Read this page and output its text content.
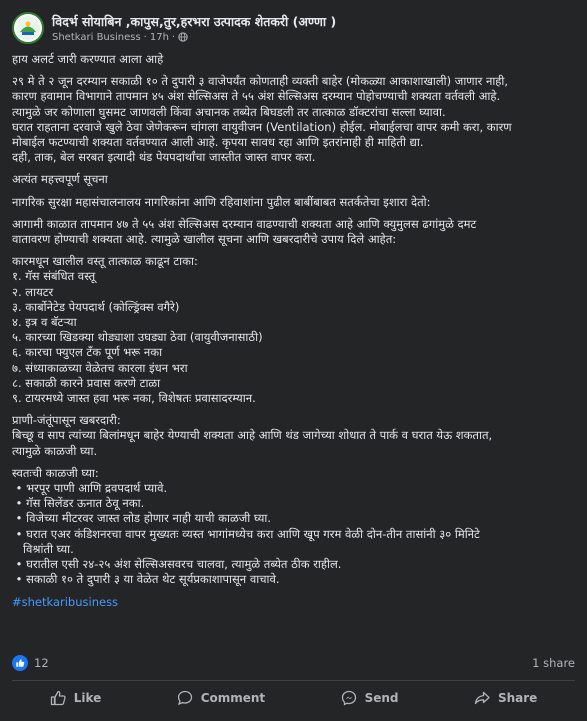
विदर्भ सोयाबिन ,कापुस,तुर,हरभरा उत्पादक शेतकरी (अण्णा )
Shetkari Business · 17h ·

हाय अलर्ट जारी करण्यात आला आहे

२९ मे ते २ जून दरम्यान सकाळी १० ते दुपारी ३ वाजेपर्यंत कोणताही व्यक्ती बाहेर (मोकळ्या आकाशाखाली) जाणार नाही,

कारण हवामान विभागाने तापमान ४५ अंश सेल्सिअस ते ५५ अंश सेल्सिअस दरम्यान पोहोचण्याची शक्यता वर्तवली आहे.

त्यामुळे जर कोणाला घुसमट जाणवली किंवा अचानक तब्येत बिघडली तर तात्काळ डॉक्टरांचा सल्ला घ्यावा.

घरात राहताना दरवाजे खुले ठेवा जेणेकरून चांगला वायुवीजन (Ventilation) होईल. मोबाईलचा वापर कमी करा, कारण

मोबाईल फटण्याची शक्यता वर्तवण्यात आली आहे. कृपया सावध रहा आणि इतरांनाही ही माहिती द्या.

दही, ताक, बेल सरबत इत्यादी थंड पेयपदार्थांचा जास्तीत जास्त वापर करा.

अत्यंत महत्त्वपूर्ण सूचना

नागरिक सुरक्षा महासंचालनालय नागरिकांना आणि रहिवाशांना पुढील बाबींबाबत सतर्कतेचा इशारा देतो:

आगामी काळात तापमान ४७ ते ५५ अंश सेल्सिअस दरम्यान वाढण्याची शक्यता आहे आणि क्युमुलस ढगांमुळे दमट

वातावरण होण्याची शक्यता आहे. त्यामुळे खालील सूचना आणि खबरदारीचे उपाय दिले आहेत:

कारमधून खालील वस्तू तात्काळ काढून टाका:

१. गॅस संबंधित वस्तू

२. लायटर

३. कार्बोनेटेड पेयपदार्थ (कोल्ड्रिंक्स वगैरे)

४. इत्र व बॅटऱ्या

५. कारच्या खिडक्या थोड्याशा उघड्या ठेवा (वायुवीजनासाठी)

६. कारचा फ्युएल टँक पूर्ण भरू नका

७. संध्याकाळच्या वेळेतच कारला इंधन भरा

८. सकाळी कारने प्रवास करणे टाळा

९. टायरमध्ये जास्त हवा भरू नका, विशेषतः प्रवासादरम्यान.

प्राणी-जंतूंपासून खबरदारी:

बिच्छू व साप त्यांच्या बिलांमधून बाहेर येण्याची शक्यता आहे आणि थंड जागेच्या शोधात ते पार्क व घरात येऊ शकतात,

त्यामुळे काळजी घ्या.

स्वतःची काळजी घ्या:

• भरपूर पाणी आणि द्रवपदार्थ प्यावे.

• गॅस सिलेंडर ऊनात ठेवू नका.

• विजेच्या मीटरवर जास्त लोड होणार नाही याची काळजी घ्या.

• घरात एअर कंडिशनरचा वापर मुख्यतः व्यस्त भागांमध्येच करा आणि खूप गरम वेळी दोन-तीन तासांनी ३० मिनिटे

विश्रांती घ्या.

• घरातील एसी २४-२५ अंश सेल्सिअसवरच चालवा, त्यामुळे तब्येत ठीक राहील.

• सकाळी १० ते दुपारी ३ या वेळेत थेट सूर्यप्रकाशापासून वाचावे.

#shetkaribusiness

12	1 share
Like	Comment	Send	Share
